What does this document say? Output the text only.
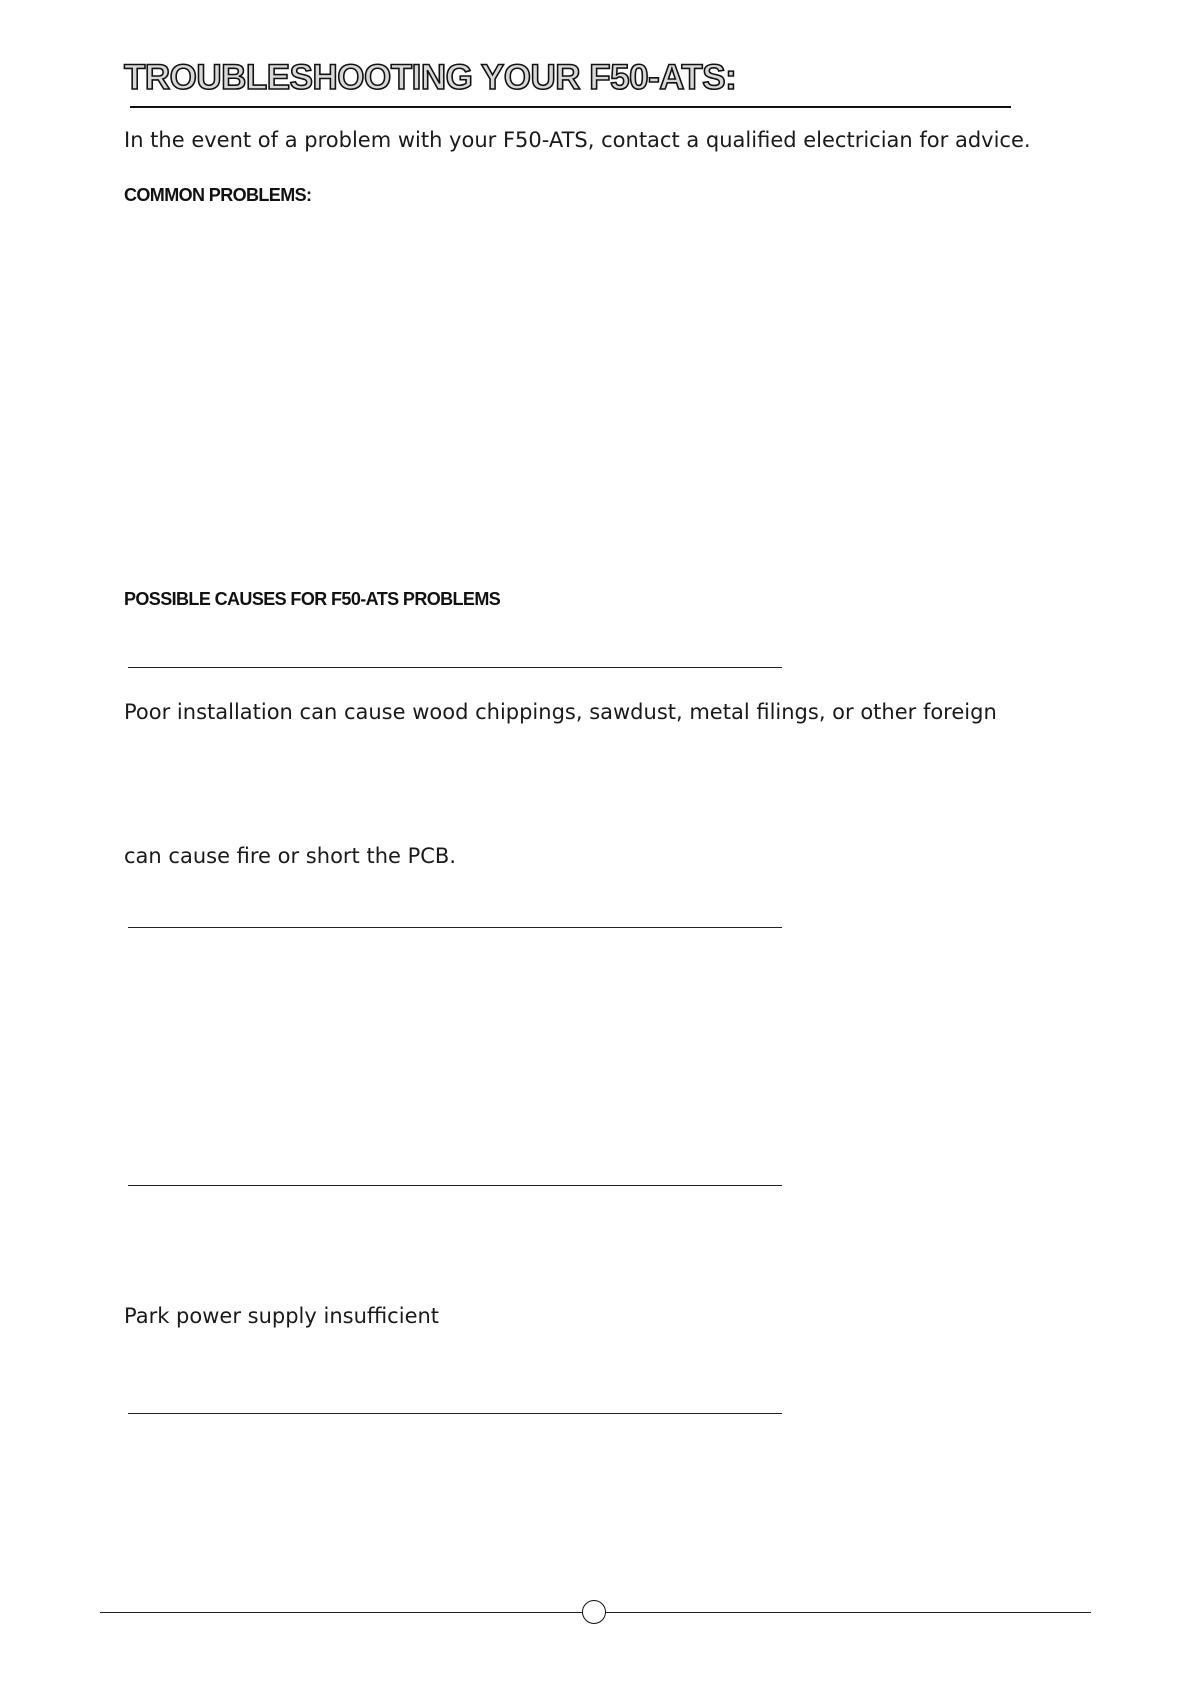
TROUBLESHOOTING YOUR F50-ATS:

In the event of a problem with your F50-ATS, contact a qualified electrician for advice.

COMMON PROBLEMS:
POSSIBLE CAUSES FOR F50-ATS PROBLEMS

Poor installation can cause wood chippings, sawdust, metal filings, or other foreign

can cause fire or short the PCB.

Park power supply insufficient
